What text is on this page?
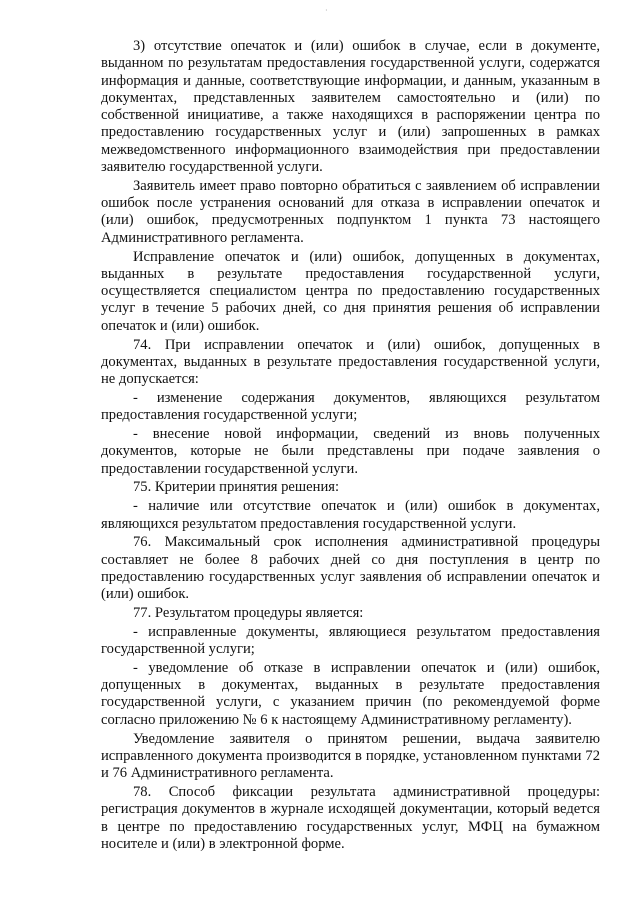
·

3) отсутствие опечаток и (или) ошибок в случае, если в документе, выданном по результатам предоставления государственной услуги, содержатся информация и данные, соответствующие информации, и данным, указанным в документах, представленных заявителем самостоятельно и (или) по собственной инициативе, а также находящихся в распоряжении центра по предоставлению государственных услуг и (или) запрошенных в рамках межведомственного информационного взаимодействия при предоставлении заявителю государственной услуги.

Заявитель имеет право повторно обратиться с заявлением об исправлении ошибок после устранения оснований для отказа в исправлении опечаток и (или) ошибок, предусмотренных подпунктом 1 пункта 73 настоящего Административного регламента.

Исправление опечаток и (или) ошибок, допущенных в документах, выданных в результате предоставления государственной услуги, осуществляется специалистом центра по предоставлению государственных услуг в течение 5 рабочих дней, со дня принятия решения об исправлении опечаток и (или) ошибок.

74. При исправлении опечаток и (или) ошибок, допущенных в документах, выданных в результате предоставления государственной услуги, не допускается:

- изменение содержания документов, являющихся результатом предоставления государственной услуги;

- внесение новой информации, сведений из вновь полученных документов, которые не были представлены при подаче заявления о предоставлении государственной услуги.

75. Критерии принятия решения:

- наличие или отсутствие опечаток и (или) ошибок в документах, являющихся результатом предоставления государственной услуги.

76. Максимальный срок исполнения административной процедуры составляет не более 8 рабочих дней со дня поступления в центр по предоставлению государственных услуг заявления об исправлении опечаток и (или) ошибок.

77. Результатом процедуры является:

- исправленные документы, являющиеся результатом предоставления государственной услуги;

- уведомление об отказе в исправлении опечаток и (или) ошибок, допущенных в документах, выданных в результате предоставления государственной услуги, с указанием причин (по рекомендуемой форме согласно приложению № 6 к настоящему Административному регламенту).

Уведомление заявителя о принятом решении, выдача заявителю исправленного документа производится в порядке, установленном пунктами 72 и 76 Административного регламента.

78. Способ фиксации результата административной процедуры: регистрация документов в журнале исходящей документации, который ведется в центре по предоставлению государственных услуг, МФЦ на бумажном носителе и (или) в электронной форме.
